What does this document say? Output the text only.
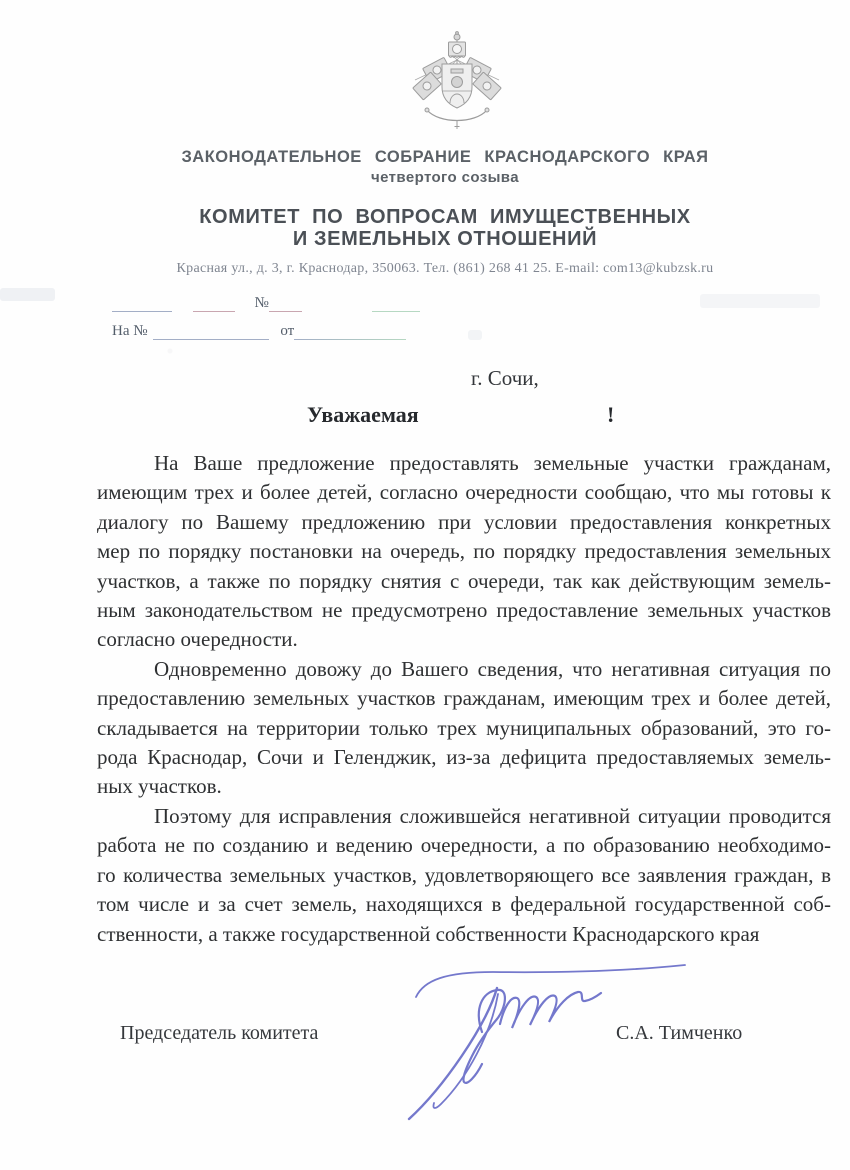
ЗАКОНОДАТЕЛЬНОЕ СОБРАНИЕ КРАСНОДАРСКОГО КРАЯ
четвертого созыва
КОМИТЕТ ПО ВОПРОСАМ ИМУЩЕСТВЕННЫХ
И ЗЕМЕЛЬНЫХ ОТНОШЕНИЙ
Красная ул., д. 3, г. Краснодар, 350063. Тел. (861) 268 41 25. E-mail: com13@kubzsk.ru
№
На №	от
г. Сочи,
Уважаемая	!
На Ваше предложение предоставлять земельные участки гражданам,
имеющим трех и более детей, согласно очередности сообщаю, что мы готовы к
диалогу по Вашему предложению при условии предоставления конкретных
мер по порядку постановки на очередь, по порядку предоставления земельных
участков, а также по порядку снятия с очереди, так как действующим земель-
ным законодательством не предусмотрено предоставление земельных участков
согласно очередности.
Одновременно довожу до Вашего сведения, что негативная ситуация по
предоставлению земельных участков гражданам, имеющим трех и более детей,
складывается на территории только трех муниципальных образований, это го-
рода Краснодар, Сочи и Геленджик, из-за дефицита предоставляемых земель-
ных участков.
Поэтому для исправления сложившейся негативной ситуации проводится
работа не по созданию и ведению очередности, а по образованию необходимо-
го количества земельных участков, удовлетворяющего все заявления граждан, в
том числе и за счет земель, находящихся в федеральной государственной соб-
ственности, а также государственной собственности Краснодарского края
Председатель комитета	С.А. Тимченко
